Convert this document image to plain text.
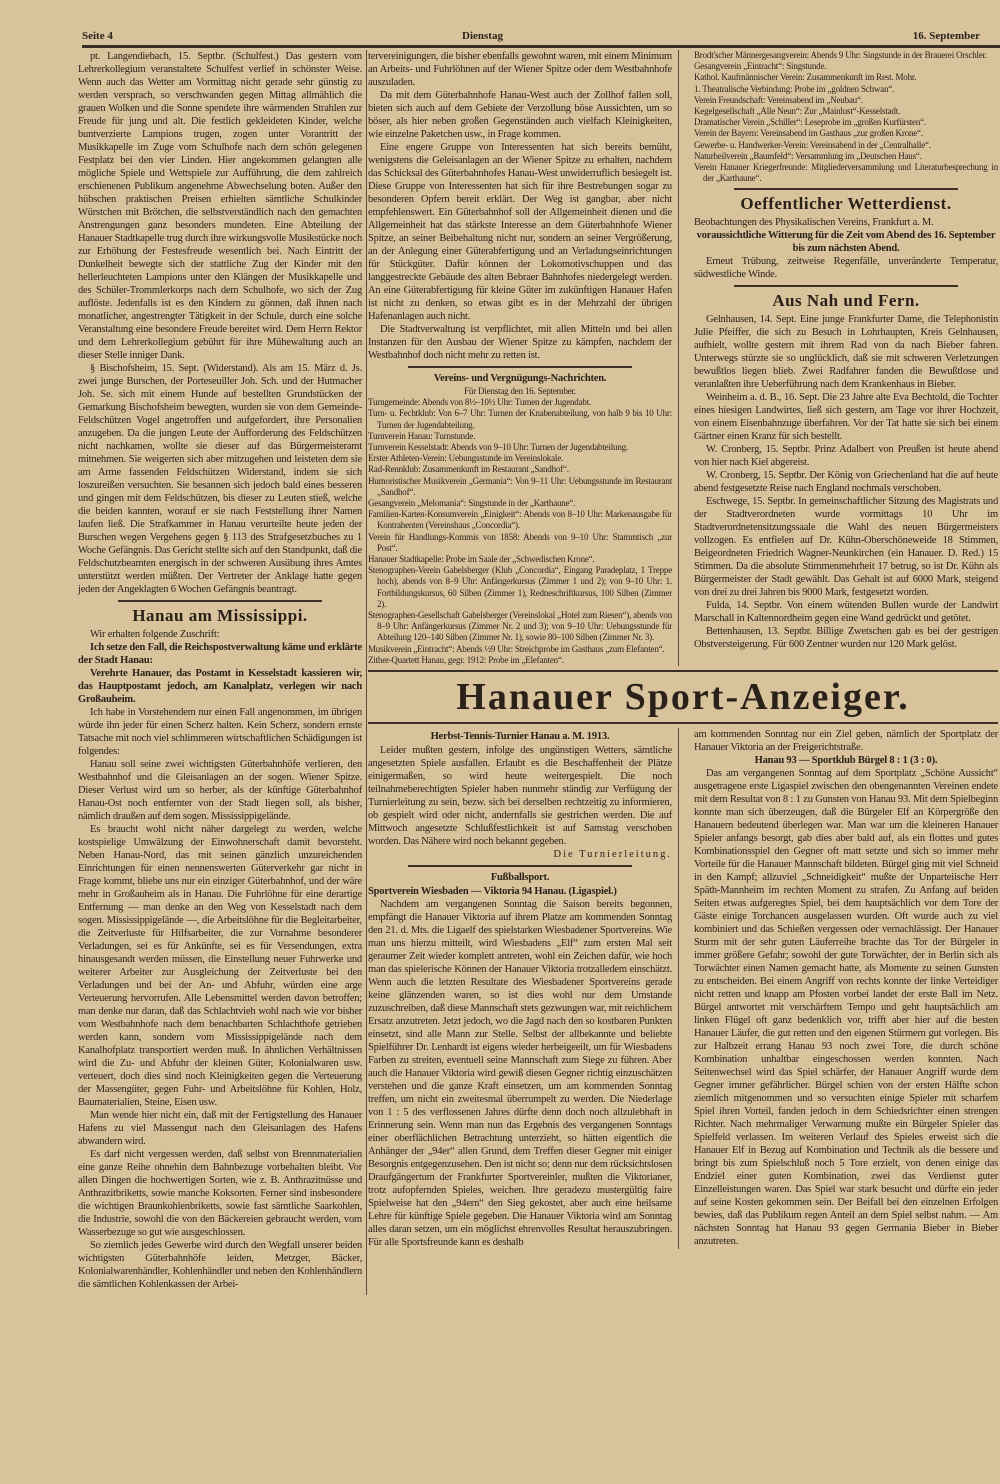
Seite 4	Dienstag	16. September

pt. Langendiebach, 15. Septbr. (Schulfest.) Das gestern vom Lehrerkollegium veranstaltete Schulfest verlief in schönster Weise. Wenn auch das Wetter am Vormittag nicht gerade sehr günstig zu werden versprach, so verschwanden gegen Mittag allmählich die grauen Wolken und die Sonne spendete ihre wärmenden Strahlen zur Freude für jung und alt. Die festlich gekleideten Kinder, welche buntverzierte Lampions trugen, zogen unter Vorantritt der Musikkapelle im Zuge vom Schulhofe nach dem schön gelegenen Festplatz bei den vier Linden. Hier angekommen gelangten alle mögliche Spiele und Wettspiele zur Aufführung, die dem zahlreich erschienenen Publikum angenehme Abwechselung boten. Außer den hübschen praktischen Preisen erhielten sämtliche Schulkinder Würstchen mit Brötchen, die selbstverständlich nach den gemachten Anstrengungen ganz besonders mundeten. Eine Abteilung der Hanauer Stadtkapelle trug durch ihre wirkungsvolle Musikstücke noch zur Erhöhung der Festesfreude wesentlich bei. Nach Eintritt der Dunkelheit bewegte sich der stattliche Zug der Kinder mit den hellerleuchteten Lampions unter den Klängen der Musikkapelle und des Schüler-Trommlerkorps nach dem Schulhofe, wo sich der Zug auflöste. Jedenfalls ist es den Kindern zu gönnen, daß ihnen nach monatlicher, angestrengter Tätigkeit in der Schule, durch eine solche Veranstaltung eine besondere Freude bereitet wird. Dem Herrn Rektor und dem Lehrerkollegium gebührt für ihre Mühewaltung auch an dieser Stelle inniger Dank.

§ Bischofsheim, 15. Sept. (Widerstand). Als am 15. März d. Js. zwei junge Burschen, der Porteseuiller Joh. Sch. und der Hutmacher Joh. Se. sich mit einem Hunde auf bestellten Grundstücken der Gemarkung Bischofsheim bewegten, wurden sie von dem Gemeinde-Feldschützen Vogel angetroffen und aufgefordert, ihre Personalien anzugeben. Da die jungen Leute der Aufforderung des Feldschützen nicht nachkamen, wollte sie dieser auf das Bürgermeisteramt mitnehmen. Sie weigerten sich aber mitzugehen und leisteten dem sie am Arme fassenden Feldschützen Widerstand, indem sie sich loszureißen versuchten. Sie besannen sich jedoch bald eines besseren und gingen mit dem Feldschützen, bis dieser zu Leuten stieß, welche die beiden kannten, worauf er sie nach Feststellung ihrer Namen laufen ließ. Die Strafkammer in Hanau verurteilte heute jeden der Burschen wegen Vergehens gegen § 113 des Strafgesetzbuches zu 1 Woche Gefängnis. Das Gericht stellte sich auf den Standpunkt, daß die Feldschutzbeamten energisch in der schweren Ausübung ihres Amtes unterstützt werden müßten. Der Vertreter der Anklage hatte gegen jeden der Angeklagten 6 Wochen Gefängnis beantragt.

Hanau am Mississippi.

Wir erhalten folgende Zuschrift:

Ich setze den Fall, die Reichspostverwaltung käme und erklärte der Stadt Hanau:

Verehrte Hanauer, das Postamt in Kesselstadt kassieren wir, das Hauptpostamt jedoch, am Kanalplatz, verlegen wir nach Großauheim.

Ich habe in Vorstehendem nur einen Fall angenommen, im übrigen würde ihn jeder für einen Scherz halten. Kein Scherz, sondern ernste Tatsache mit noch viel schlimmeren wirtschaftlichen Schädigungen ist folgendes:

Hanau soll seine zwei wichtigsten Güterbahnhöfe verlieren, den Westbahnhof und die Gleisanlagen an der sogen. Wiener Spitze. Dieser Verlust wird um so herber, als der künftige Güterbahnhof Hanau-Ost noch entfernter von der Stadt liegen soll, als bisher, nämlich draußen auf dem sogen. Mississippigelände.

Es braucht wohl nicht näher dargelegt zu werden, welche kostspielige Umwälzung der Einwohnerschaft damit bevorsteht. Neben Hanau-Nord, das mit seinen gänzlich unzureichenden Einrichtungen für einen nennenswerten Güterverkehr gar nicht in Frage kommt, bliebe uns nur ein einziger Güterbahnhof, und der wäre mehr in Großauheim als in Hanau. Die Fuhrlöhne für eine derartige Entfernung — man denke an den Weg von Kesselstadt nach dem sogen. Mississippigelände —, die Arbeitslöhne für die Begleitarbeiter, die Zeitverluste für Hilfsarbeiter, die zur Vornahme besonderer Verladungen, sei es für Ankünfte, sei es für Versendungen, extra hinausgesandt werden müssen, die Einstellung neuer Fuhrwerke und weiterer Arbeiter zur Ausgleichung der Zeitverluste bei den Verladungen und bei der An- und Abfuhr, würden eine arge Verteuerung hervorrufen. Alle Lebensmittel werden davon betroffen; man denke nur daran, daß das Schlachtvieh wohl nach wie vor bisher vom Westbahnhofe nach dem benachbarten Schlachthofe getrieben werden kann, sondern vom Mississippigelände nach dem Kanalhofplatz transportiert werden muß. In ähnlichen Verhältnissen wird die Zu- und Abfuhr der kleinen Güter, Kolonialwaren usw. verteuert, doch dies sind noch Kleinigkeiten gegen die Verteuerung der Massengüter, gegen Fuhr- und Arbeitslöhne für Kohlen, Holz, Baumaterialien, Steine, Eisen usw.

Man wende hier nicht ein, daß mit der Fertigstellung des Hanauer Hafens zu viel Massengut nach den Gleisanlagen des Hafens abwandern wird.

Es darf nicht vergessen werden, daß selbst von Brennmaterialien eine ganze Reihe ohnehin dem Bahnbezuge vorbehalten bleibt. Vor allen Dingen die hochwertigen Sorten, wie z. B. Anthrazitnüsse und Anthrazitbriketts, sowie manche Koksorten. Ferner sind insbesondere die wichtigen Braunkohlenbriketts, sowie fast sämtliche Saarkohlen, die Industrie, sowohl die von den Bäckereien gebraucht werden, vom Wasserbezuge so gut wie ausgeschlossen.

So ziemlich jedes Gewerbe wird durch den Wegfall unserer beiden wichtigsten Güterbahnhöfe leiden, Metzger, Bäcker, Kolonialwarenhändler, Kohlenhändler und neben den Kohlenhändlern die sämtlichen Kohlenkassen der Arbei-

tervereinigungen, die bisher ebenfalls gewohnt waren, mit einem Minimum an Arbeits- und Fuhrlöhnen auf der Wiener Spitze oder dem Westbahnhofe auszuladen.

Da mit dem Güterbahnhofe Hanau-West auch der Zollhof fallen soll, bieten sich auch auf dem Gebiete der Verzollung böse Aussichten, um so böser, als hier neben großen Gegenständen auch vielfach Kleinigkeiten, wie einzelne Paketchen usw., in Frage kommen.

Eine engere Gruppe von Interessenten hat sich bereits bemüht, wenigstens die Geleisanlagen an der Wiener Spitze zu erhalten, nachdem das Schicksal des Güterbahnhofes Hanau-West unwiderruflich besiegelt ist. Diese Gruppe von Interessenten hat sich für ihre Bestrebungen sogar zu besonderen Opfern bereit erklärt. Der Weg ist gangbar, aber nicht empfehlenswert. Ein Güterbahnhof soll der Allgemeinheit dienen und die Allgemeinheit hat das stärkste Interesse an dem Güterbahnhofe Wiener Spitze, an seiner Beibehaltung nicht nur, sondern an seiner Vergrößerung, an der Anlegung einer Güterabfertigung und an Verladungseinrichtungen für Stückgüter. Dafür können der Lokomotivschuppen und das langgestreckte Gebäude des alten Bebraer Bahnhofes niedergelegt werden. An eine Güterabfertigung für kleine Güter im zukünftigen Hanauer Hafen ist nicht zu denken, so etwas gibt es in der Mehrzahl der übrigen Hafenanlagen auch nicht.

Die Stadtverwaltung ist verpflichtet, mit allen Mitteln und bei allen Instanzen für den Ausbau der Wiener Spitze zu kämpfen, nachdem der Westbahnhof doch nicht mehr zu retten ist.

Vereins- und Vergnügungs-Nachrichten.
Für Dienstag den 16. September.

Turngemeinde: Abends von 8½–10½ Uhr: Turnen der Jugendabt.

Turn- u. Fechtklub: Von 6–7 Uhr: Turnen der Knabenabteilung, von halb 9 bis 10 Uhr: Turnen der Jugendabteilung.

Turnverein Hanau: Turnstunde.

Turnverein Kesselstadt: Abends von 9–10 Uhr: Turnen der Jugendabteilung.

Erster Athleten-Verein: Uebungsstunde im Vereinslokale.

Rad-Rennklub: Zusammenkunft im Restaurant „Sandhof“.

Humoristischer Musikverein „Germania“: Von 9–11 Uhr: Uebungsstunde im Restaurant „Sandhof“.

Gesangverein „Melomania“: Singstunde in der „Karthaune“.

Familien-Karten-Konsumverein „Einigkeit“: Abends von 8–10 Uhr: Markenausgabe für Kontrahenten (Vereinshaus „Concordia“).

Verein für Handlungs-Kommis von 1858: Abends von 9–10 Uhr: Stammtisch „zur Post“.

Hanauer Stadtkapelle: Probe im Saale der „Schwedischen Krone“.

Stenographen-Verein Gabelsberger (Klub „Concordia“, Eingang Paradeplatz, 1 Treppe hoch), abends von 8–9 Uhr: Anfängerkursus (Zimmer 1 und 2); von 9–10 Uhr: 1. Fortbildungskursus, 60 Silben (Zimmer 1), Redneschriftkursus, 100 Silben (Zimmer 2).

Stenographen-Gesellschaft Gabelsberger (Vereinslokal „Hotel zum Riesen“), abends von 8–9 Uhr: Anfängerkursus (Zimmer Nr. 2 und 3); von 9–10 Uhr: Uebungsstunde für Abteilung 120–140 Silben (Zimmer Nr. 1), sowie 80–100 Silben (Zimmer Nr. 3).

Musikverein „Eintracht“: Abends ½9 Uhr: Streichprobe im Gasthaus „zum Elefanten“.

Zither-Quartett Hanau, gegr. 1912: Probe im „Elefanten“.

Brodt'scher Männergesangverein: Abends 9 Uhr: Singstunde in der Brauerei Orschler.

Gesangverein „Eintracht“: Singstunde.

Kathol. Kaufmännischer Verein: Zusammenkunft im Rest. Mohr.

1. Theatralische Verbindung: Probe im „goldnen Schwan“.

Verein Freundschaft: Vereinsabend im „Neubau“.

Kegelgesellschaft „Alle Neun“: Zur „Mainlust“-Kesselstadt.

Dramatischer Verein „Schiller“: Leseprobe im „großen Kurfürsten“.

Verein der Bayern: Vereinsabend im Gasthaus „zur großen Krone“.

Gewerbe- u. Handwerker-Verein: Vereinsabend in der „Centralhalle“.

Naturheilverein „Baumfeld“: Versammlung im „Deutschen Haus“.

Verein Hanauer Kriegerfreunde: Mitgliederversammlung und Literaturbesprechung in der „Karthaune“.

Oeffentlicher Wetterdienst.

Beobachtungen des Physikalischen Vereins, Frankfurt a. M.

voraussichtliche Witterung für die Zeit vom Abend des 16. September bis zum nächsten Abend.

Erneut Trübung, zeitweise Regenfälle, unveränderte Temperatur, südwestliche Winde.

Aus Nah und Fern.

Gelnhausen, 14. Sept. Eine junge Frankfurter Dame, die Telephonistin Julie Pfeiffer, die sich zu Besuch in Lohrhaupten, Kreis Gelnhausen, aufhielt, wollte gestern mit ihrem Rad von da nach Bieber fahren. Unterwegs stürzte sie so unglücklich, daß sie mit schweren Verletzungen bewußtlos liegen blieb. Zwei Radfahrer fanden die Bewußtlose und veranlaßten ihre Ueberführung nach dem Krankenhaus in Bieber.

Weinheim a. d. B., 16. Sept. Die 23 Jahre alte Eva Bechtold, die Tochter eines hiesigen Landwirtes, ließ sich gestern, am Tage vor ihrer Hochzeit, von einem Eisenbahnzuge überfahren. Vor der Tat hatte sie sich bei einem Gärtner einen Kranz für sich bestellt.

W. Cronberg, 15. Septbr. Prinz Adalbert von Preußen ist heute abend von hier nach Kiel abgereist.

W. Cronberg, 15. Septbr. Der König von Griechenland hat die auf heute abend festgesetzte Reise nach England nochmals verschoben.

Eschwege, 15. Septbr. In gemeinschaftlicher Sitzung des Magistrats und der Stadtverordneten wurde vormittags 10 Uhr im Stadtverordnetensitzungssaale die Wahl des neuen Bürgermeisters vollzogen. Es entfielen auf Dr. Kühn-Oberschöneweide 18 Stimmen, Beigeordneten Friedrich Wagner-Neunkirchen (ein Hanauer. D. Red.) 15 Stimmen. Da die absolute Stimmenmehrheit 17 betrug, so ist Dr. Kühn als Bürgermeister der Stadt gewählt. Das Gehalt ist auf 6000 Mark, steigend von drei zu drei Jahren bis 9000 Mark, festgesetzt worden.

Fulda, 14. Septbr. Von einem wütenden Bullen wurde der Landwirt Marschall in Kaltennordheim gegen eine Wand gedrückt und getötet.

Bettenhausen, 13. Septbr. Billige Zwetschen gab es bei der gestrigen Obstversteigerung. Für 600 Zentner wurden nur 120 Mark gelöst.

Hanauer Sport-Anzeiger.
Herbst-Tennis-Turnier Hanau a. M. 1913.

Leider mußten gestern, infolge des ungünstigen Wetters, sämtliche angesetzten Spiele ausfallen. Erlaubt es die Beschaffenheit der Plätze einigermaßen, so wird heute weitergespielt. Die noch teilnahmeberechtigten Spieler haben nunmehr ständig zur Verfügung der Turnierleitung zu sein, bezw. sich bei derselben rechtzeitig zu informieren, ob gespielt wird oder nicht, andernfalls sie gestrichen werden. Die auf Mittwoch angesetzte Schlußfestlichkeit ist auf Samstag verschoben worden. Das Nähere wird noch bekannt gegeben.

Die Turnierleitung.

Fußballsport.

Sportverein Wiesbaden — Viktoria 94 Hanau. (Ligaspiel.)

Nachdem am vergangenen Sonntag die Saison bereits begonnen, empfängt die Hanauer Viktoria auf ihrem Platze am kommenden Sonntag den 21. d. Mts. die Ligaelf des spielstarken Wiesbadener Sportvereins. Wie man uns hierzu mitteilt, wird Wiesbadens „Elf“ zum ersten Mal seit geraumer Zeit wieder komplett antreten, wohl ein Zeichen dafür, wie hoch man das spielerische Können der Hanauer Viktoria trotzalledem einschätzt. Wenn auch die letzten Resultate des Wiesbadener Sportvereins gerade keine glänzenden waren, so ist dies wohl nur dem Umstande zuzuschreiben, daß diese Mannschaft stets gezwungen war, mit reichlichem Ersatz anzutreten. Jetzt jedoch, wo die Jagd nach den so kostbaren Punkten einsetzt, sind alle Mann zur Stelle. Selbst der allbekannte und beliebte Spielführer Dr. Lenhardt ist eigens wieder herbeigeeilt, um für Wiesbadens Farben zu streiten, eventuell seine Mannschaft zum Siege zu führen. Aber auch die Hanauer Viktoria wird gewiß diesen Gegner richtig einzuschätzen verstehen und die ganze Kraft einsetzen, um am kommenden Sonntag treffen, um nicht ein zweitesmal überrumpelt zu werden. Die Niederlage von 1 : 5 des verflossenen Jahres dürfte denn doch noch allzulebhaft in Erinnerung sein. Wenn man nun das Ergebnis des vergangenen Sonntags einer oberflächlichen Betrachtung unterzieht, so hätten eigentlich die Anhänger der „94er“ allen Grund, dem Treffen dieser Gegner mit einiger Besorgnis entgegenzusehen. Den ist nicht so; denn nur dem rücksichtslosen Draufgängertum der Frankfurter Sportvereinler, mußten die Viktorianer, trotz aufopfernden Spieles, weichen. Ihre geradezu mustergültig faire Spielweise hat den „94ern“ den Sieg gekostet, aber auch eine heilsame Lehre für künftige Spiele gegeben. Die Hanauer Viktoria wird am Sonntag alles daran setzen, um ein möglichst ehrenvolles Resultat herauszubringen. Für alle Sportsfreunde kann es deshalb

am kommenden Sonntag nur ein Ziel geben, nämlich der Sportplatz der Hanauer Viktoria an der Freigerichtstraße.

Hanau 93 — Sportklub Bürgel 8 : 1 (3 : 0).

Das am vergangenen Sonntag auf dem Sportplatz „Schöne Aussicht“ ausgetragene erste Ligaspiel zwischen den obengenannten Vereinen endete mit dem Resultat von 8 : 1 zu Gunsten von Hanau 93. Mit dem Spielbeginn konnte man sich überzeugen, daß die Bürgeler Elf an Körpergröße den Hanauern bedeutend überlegen war. Man war um die kleineren Hanauer Spieler anfangs besorgt, gab dies aber bald auf, als ein flottes und gutes Kombinationsspiel den Gegner oft matt setzte und sich so immer mehr Vorteile für die Hanauer Mannschaft bildeten. Bürgel ging mit viel Schneid in den Kampf; allzuviel „Schneidigkeit“ mußte der Unparteiische Herr Späth-Mannheim im rechten Moment zu strafen. Zu Anfang auf beiden Seiten etwas aufgeregtes Spiel, bei dem hauptsächlich vor dem Tore der Gäste einige Torchancen ausgelassen wurden. Oft wurde auch zu viel kombiniert und das Schießen vergessen oder vernachlässigt. Der Hanauer Sturm mit der sehr guten Läuferreihe brachte das Tor der Bürgeler in immer größere Gefahr; sowohl der gute Torwächter, der in Berlin sich als Torwächter einen Namen gemacht hatte, als Momente zu seinen Gunsten zu entscheiden. Bei einem Angriff von rechts konnte der linke Verteidiger nicht retten und knapp am Pfosten vorbei landet der erste Ball im Netz. Bürgel antwortet mit verschärftem Tempo und geht hauptsächlich am linken Flügel oft ganz bedenklich vor, trifft aber hier auf die besten Hanauer Läufer, die gut retten und den eigenen Stürmern gut vorlegen. Bis zur Halbzeit errang Hanau 93 noch zwei Tore, die durch schöne Kombination unhaltbar eingeschossen werden konnten. Nach Seitenwechsel wird das Spiel schärfer, der Hanauer Angriff wurde dem Gegner immer gefährlicher. Bürgel schien von der ersten Hälfte schon ziemlich mitgenommen und so versuchten einige Spieler mit scharfem Spiel ihren Vorteil, fanden jedoch in dem Schiedsrichter einen strengen Richter. Nach mehrmaliger Verwarnung mußte ein Bürgeler Spieler das Spielfeld verlassen. Im weiteren Verlauf des Spieles erweist sich die Hanauer Elf in Bezug auf Kombination und Technik als die bessere und bringt bis zum Spielschluß noch 5 Tore erzielt, von denen einige das Endziel einer guten Kombination, zwei das Verdienst guter Einzelleistungen waren. Das Spiel war stark besucht und dürfte ein jeder auf seine Kosten gekommen sein. Der Beifall bei den einzelnen Erfolgen bewies, daß das Publikum regen Anteil an dem Spiel selbst nahm. — Am nächsten Sonntag hat Hanau 93 gegen Germania Bieber in Bieber anzutreten.
